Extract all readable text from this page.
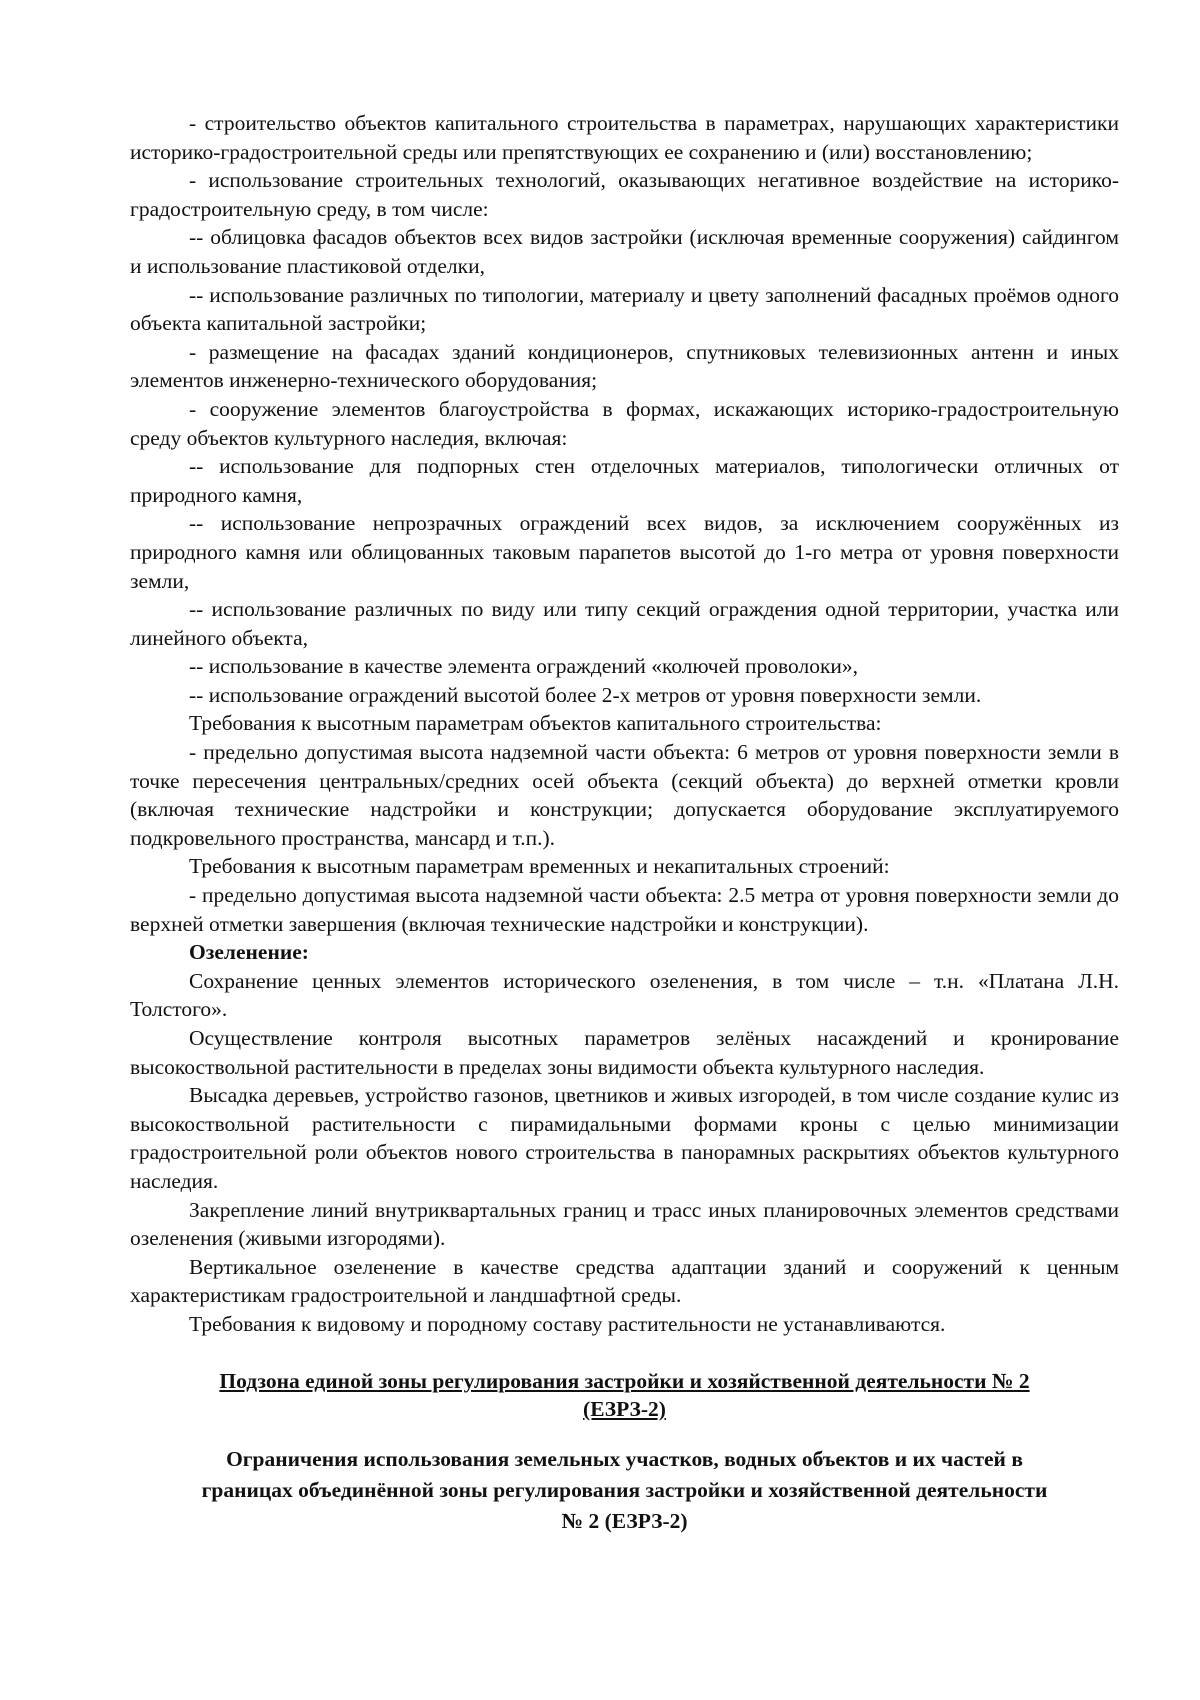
- строительство объектов капитального строительства в параметрах, нарушающих характеристики историко-градостроительной среды или препятствующих ее сохранению и (или) восстановлению;

- использование строительных технологий, оказывающих негативное воздействие на историко-градостроительную среду, в том числе:

-- облицовка фасадов объектов всех видов застройки (исключая временные сооружения) сайдингом и использование пластиковой отделки,

-- использование различных по типологии, материалу и цвету заполнений фасадных проёмов одного объекта капитальной застройки;

- размещение на фасадах зданий кондиционеров, спутниковых телевизионных антенн и иных элементов инженерно-технического оборудования;

- сооружение элементов благоустройства в формах, искажающих историко-градостроительную среду объектов культурного наследия, включая:

-- использование для подпорных стен отделочных материалов, типологически отличных от природного камня,

-- использование непрозрачных ограждений всех видов, за исключением сооружённых из природного камня или облицованных таковым парапетов высотой до 1-го метра от уровня поверхности земли,

-- использование различных по виду или типу секций ограждения одной территории, участка или линейного объекта,

-- использование в качестве элемента ограждений «колючей проволоки»,

-- использование ограждений высотой более 2-х метров от уровня поверхности земли.

Требования к высотным параметрам объектов капитального строительства:

- предельно допустимая высота надземной части объекта: 6 метров от уровня поверхности земли в точке пересечения центральных/средних осей объекта (секций объекта) до верхней отметки кровли (включая технические надстройки и конструкции; допускается оборудование эксплуатируемого подкровельного пространства, мансард и т.п.).

Требования к высотным параметрам временных и некапитальных строений:

- предельно допустимая высота надземной части объекта: 2.5 метра от уровня поверхности земли до верхней отметки завершения (включая технические надстройки и конструкции).

Озеленение:

Сохранение ценных элементов исторического озеленения, в том числе – т.н. «Платана Л.Н. Толстого».

Осуществление контроля высотных параметров зелёных насаждений и кронирование высокоствольной растительности в пределах зоны видимости объекта культурного наследия.

Высадка деревьев, устройство газонов, цветников и живых изгородей, в том числе создание кулис из высокоствольной растительности с пирамидальными формами кроны с целью минимизации градостроительной роли объектов нового строительства в панорамных раскрытиях объектов культурного наследия.

Закрепление линий внутриквартальных границ и трасс иных планировочных элементов средствами озеленения (живыми изгородями).

Вертикальное озеленение в качестве средства адаптации зданий и сооружений к ценным характеристикам градостроительной и ландшафтной среды.

Требования к видовому и породному составу растительности не устанавливаются.

Подзона единой зоны регулирования застройки и хозяйственной деятельности № 2

(ЕЗРЗ-2)

Ограничения использования земельных участков, водных объектов и их частей в

границах объединённой зоны регулирования застройки и хозяйственной деятельности

№ 2 (ЕЗРЗ-2)
